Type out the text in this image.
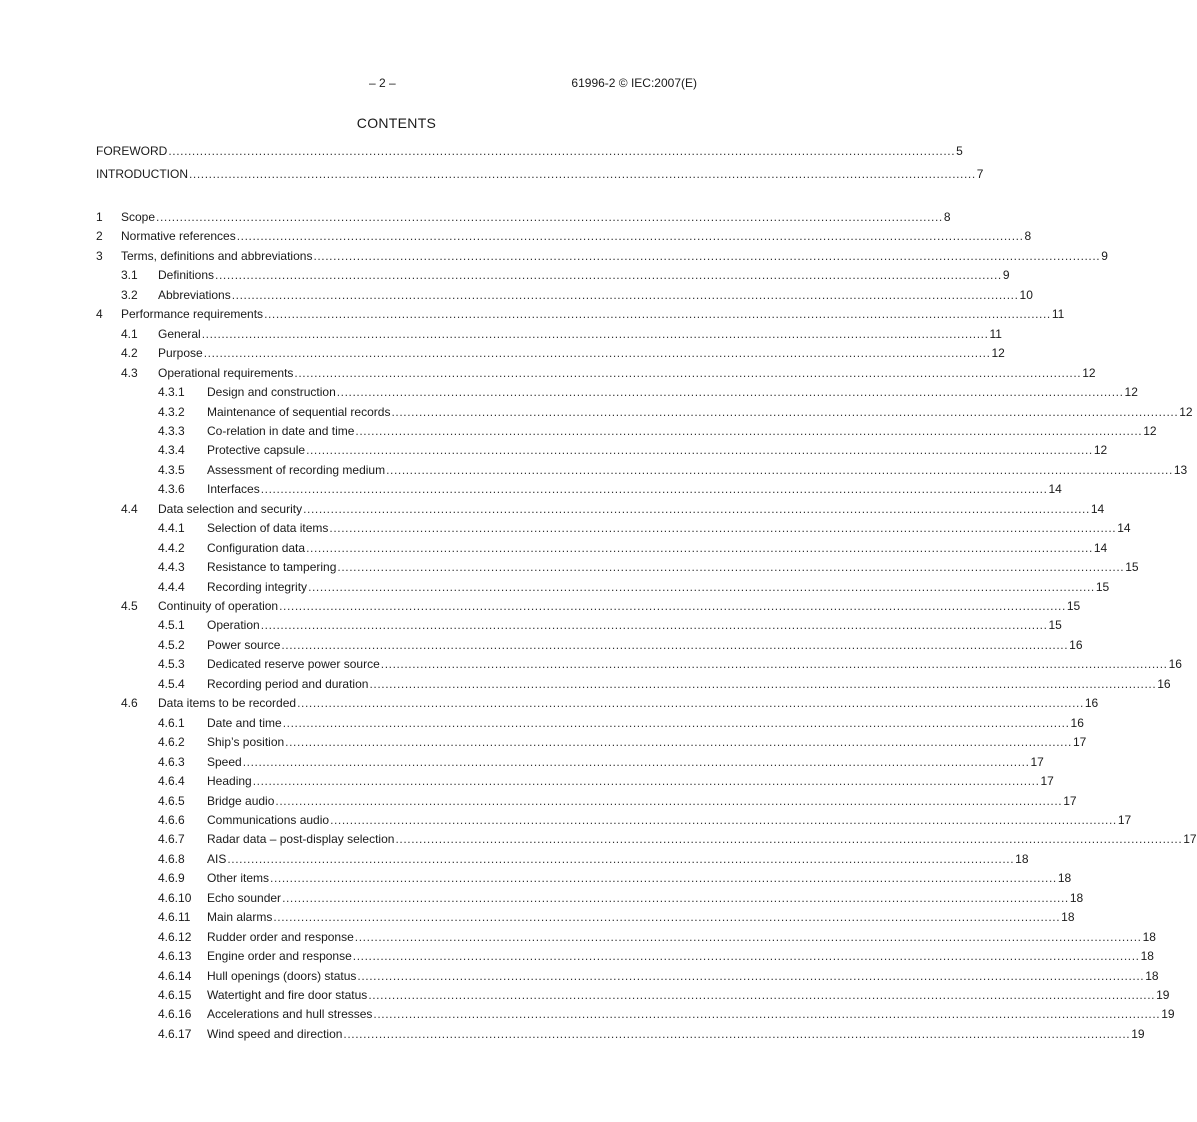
– 2 –	61996-2 © IEC:2007(E)
CONTENTS
FOREWORD ........................................................................................................................................................................................................ 5
INTRODUCTION ........................................................................................................................................................................................................ 7
1	Scope ........................................................................................................................................................................................................ 8
2	Normative references ........................................................................................................................................................................................................ 8
3	Terms, definitions and abbreviations ........................................................................................................................................................................................................ 9
3.1	Definitions ........................................................................................................................................................................................................ 9
3.2	Abbreviations ........................................................................................................................................................................................................ 10
4	Performance requirements ........................................................................................................................................................................................................ 11
4.1	General ........................................................................................................................................................................................................ 11
4.2	Purpose ........................................................................................................................................................................................................ 12
4.3	Operational requirements ........................................................................................................................................................................................................ 12
4.3.1	Design and construction ........................................................................................................................................................................................................ 12
4.3.2	Maintenance of sequential records ........................................................................................................................................................................................................ 12
4.3.3	Co-relation in date and time ........................................................................................................................................................................................................ 12
4.3.4	Protective capsule ........................................................................................................................................................................................................ 12
4.3.5	Assessment of recording medium ........................................................................................................................................................................................................ 13
4.3.6	Interfaces ........................................................................................................................................................................................................ 14
4.4	Data selection and security ........................................................................................................................................................................................................ 14
4.4.1	Selection of data items ........................................................................................................................................................................................................ 14
4.4.2	Configuration data ........................................................................................................................................................................................................ 14
4.4.3	Resistance to tampering ........................................................................................................................................................................................................ 15
4.4.4	Recording integrity ........................................................................................................................................................................................................ 15
4.5	Continuity of operation ........................................................................................................................................................................................................ 15
4.5.1	Operation ........................................................................................................................................................................................................ 15
4.5.2	Power source ........................................................................................................................................................................................................ 16
4.5.3	Dedicated reserve power source ........................................................................................................................................................................................................ 16
4.5.4	Recording period and duration ........................................................................................................................................................................................................ 16
4.6	Data items to be recorded ........................................................................................................................................................................................................ 16
4.6.1	Date and time ........................................................................................................................................................................................................ 16
4.6.2	Ship’s position ........................................................................................................................................................................................................ 17
4.6.3	Speed ........................................................................................................................................................................................................ 17
4.6.4	Heading ........................................................................................................................................................................................................ 17
4.6.5	Bridge audio ........................................................................................................................................................................................................ 17
4.6.6	Communications audio ........................................................................................................................................................................................................ 17
4.6.7	Radar data – post-display selection ........................................................................................................................................................................................................ 17
4.6.8	AIS ........................................................................................................................................................................................................ 18
4.6.9	Other items ........................................................................................................................................................................................................ 18
4.6.10	Echo sounder ........................................................................................................................................................................................................ 18
4.6.11	Main alarms ........................................................................................................................................................................................................ 18
4.6.12	Rudder order and response ........................................................................................................................................................................................................ 18
4.6.13	Engine order and response ........................................................................................................................................................................................................ 18
4.6.14	Hull openings (doors) status ........................................................................................................................................................................................................ 18
4.6.15	Watertight and fire door status ........................................................................................................................................................................................................ 19
4.6.16	Accelerations and hull stresses ........................................................................................................................................................................................................ 19
4.6.17	Wind speed and direction ........................................................................................................................................................................................................ 19
